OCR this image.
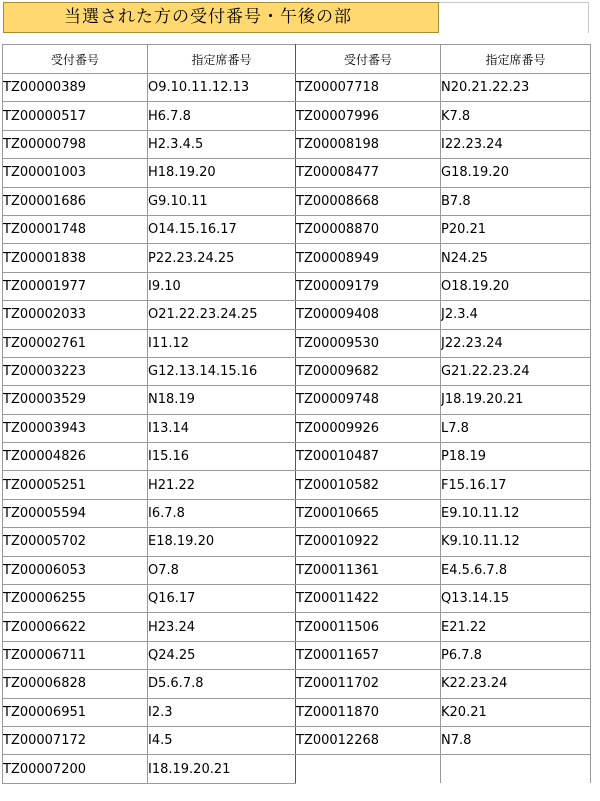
当選された方の受付番号・午後の部
受付番号	指定席番号	受付番号	指定席番号
TZ00000389	O9.10.11.12.13	TZ00007718	N20.21.22.23
TZ00000517	H6.7.8	TZ00007996	K7.8
TZ00000798	H2.3.4.5	TZ00008198	I22.23.24
TZ00001003	H18.19.20	TZ00008477	G18.19.20
TZ00001686	G9.10.11	TZ00008668	B7.8
TZ00001748	O14.15.16.17	TZ00008870	P20.21
TZ00001838	P22.23.24.25	TZ00008949	N24.25
TZ00001977	I9.10	TZ00009179	O18.19.20
TZ00002033	O21.22.23.24.25	TZ00009408	J2.3.4
TZ00002761	I11.12	TZ00009530	J22.23.24
TZ00003223	G12.13.14.15.16	TZ00009682	G21.22.23.24
TZ00003529	N18.19	TZ00009748	J18.19.20.21
TZ00003943	I13.14	TZ00009926	L7.8
TZ00004826	I15.16	TZ00010487	P18.19
TZ00005251	H21.22	TZ00010582	F15.16.17
TZ00005594	I6.7.8	TZ00010665	E9.10.11.12
TZ00005702	E18.19.20	TZ00010922	K9.10.11.12
TZ00006053	O7.8	TZ00011361	E4.5.6.7.8
TZ00006255	Q16.17	TZ00011422	Q13.14.15
TZ00006622	H23.24	TZ00011506	E21.22
TZ00006711	Q24.25	TZ00011657	P6.7.8
TZ00006828	D5.6.7.8	TZ00011702	K22.23.24
TZ00006951	I2.3	TZ00011870	K20.21
TZ00007172	I4.5	TZ00012268	N7.8
TZ00007200	I18.19.20.21		
